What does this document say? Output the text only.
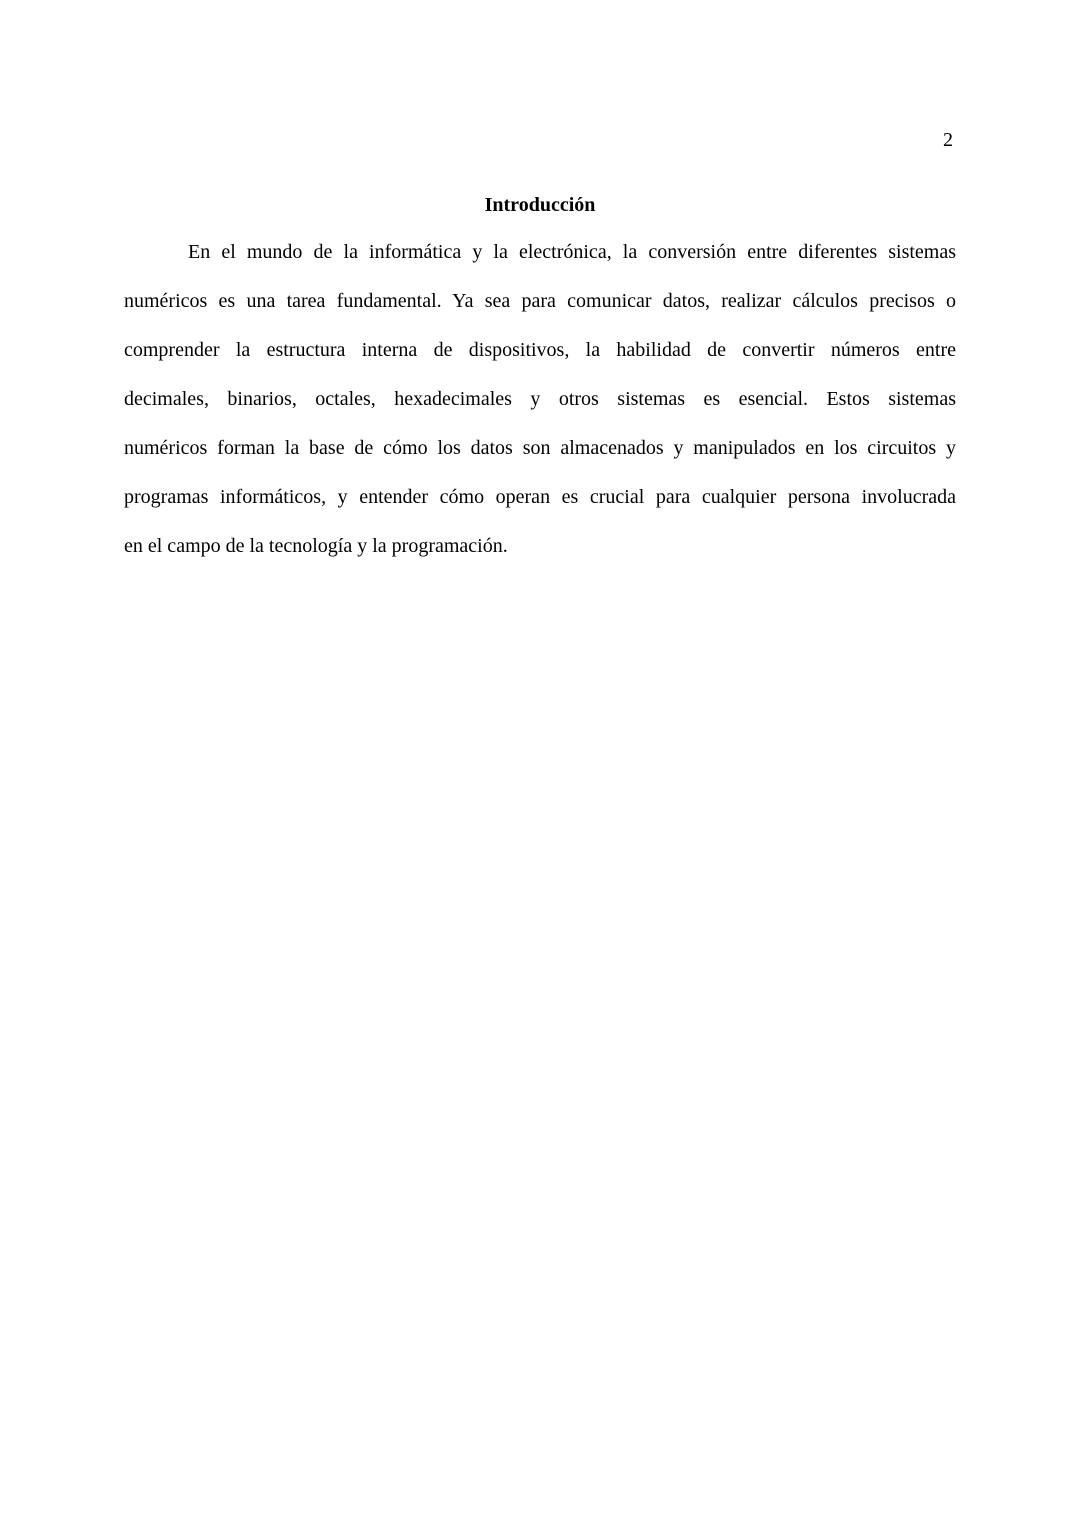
2

Introducción
En el mundo de la informática y la electrónica, la conversión entre diferentes sistemas
numéricos es una tarea fundamental. Ya sea para comunicar datos, realizar cálculos precisos o
comprender la estructura interna de dispositivos, la habilidad de convertir números entre
decimales, binarios, octales, hexadecimales y otros sistemas es esencial. Estos sistemas
numéricos forman la base de cómo los datos son almacenados y manipulados en los circuitos y
programas informáticos, y entender cómo operan es crucial para cualquier persona involucrada
en el campo de la tecnología y la programación.
